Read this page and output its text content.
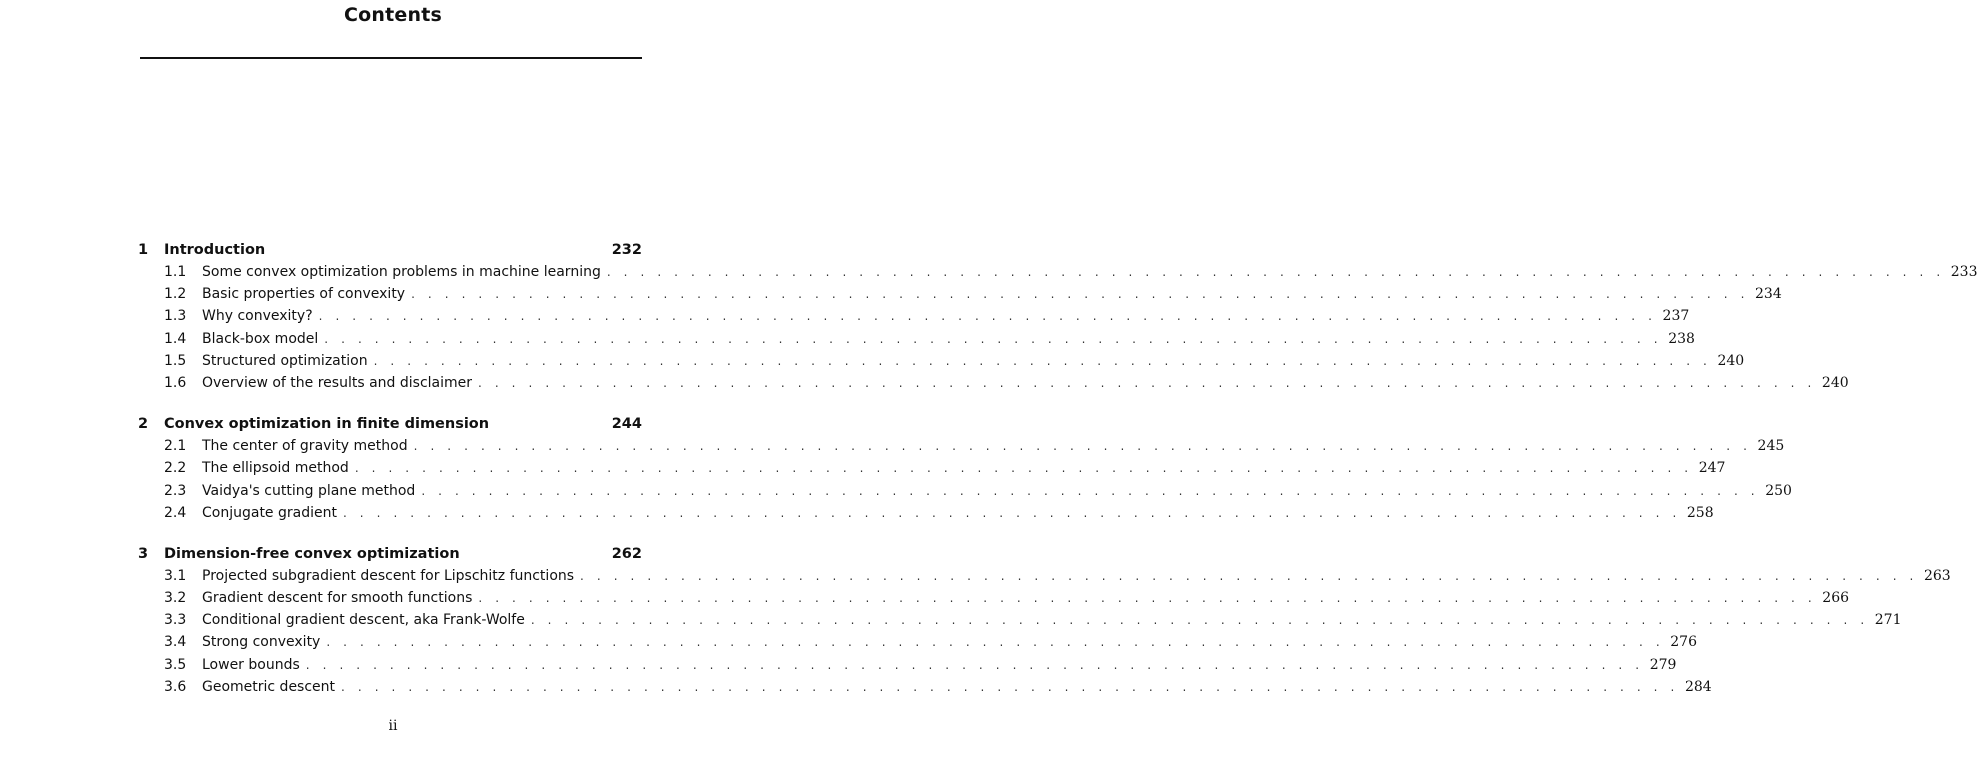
Contents
1	Introduction	232
1.1	Some convex optimization problems in machine learning . . . . . . . . . . . . . . . . . . . . . . . . . . . . . . . . . . . . . . . . . . . . . . . . . . . . . . . . . . . . . . . . . . . . . . . . . . . . . . . . 233
1.2	Basic properties of convexity . . . . . . . . . . . . . . . . . . . . . . . . . . . . . . . . . . . . . . . . . . . . . . . . . . . . . . . . . . . . . . . . . . . . . . . . . . . . . . . . 234
1.3	Why convexity? . . . . . . . . . . . . . . . . . . . . . . . . . . . . . . . . . . . . . . . . . . . . . . . . . . . . . . . . . . . . . . . . . . . . . . . . . . . . . . . . 237
1.4	Black-box model . . . . . . . . . . . . . . . . . . . . . . . . . . . . . . . . . . . . . . . . . . . . . . . . . . . . . . . . . . . . . . . . . . . . . . . . . . . . . . . . 238
1.5	Structured optimization . . . . . . . . . . . . . . . . . . . . . . . . . . . . . . . . . . . . . . . . . . . . . . . . . . . . . . . . . . . . . . . . . . . . . . . . . . . . . . . . 240
1.6	Overview of the results and disclaimer . . . . . . . . . . . . . . . . . . . . . . . . . . . . . . . . . . . . . . . . . . . . . . . . . . . . . . . . . . . . . . . . . . . . . . . . . . . . . . . . 240
2	Convex optimization in finite dimension	244
2.1	The center of gravity method . . . . . . . . . . . . . . . . . . . . . . . . . . . . . . . . . . . . . . . . . . . . . . . . . . . . . . . . . . . . . . . . . . . . . . . . . . . . . . . . 245
2.2	The ellipsoid method . . . . . . . . . . . . . . . . . . . . . . . . . . . . . . . . . . . . . . . . . . . . . . . . . . . . . . . . . . . . . . . . . . . . . . . . . . . . . . . . 247
2.3	Vaidya's cutting plane method . . . . . . . . . . . . . . . . . . . . . . . . . . . . . . . . . . . . . . . . . . . . . . . . . . . . . . . . . . . . . . . . . . . . . . . . . . . . . . . . 250
2.4	Conjugate gradient . . . . . . . . . . . . . . . . . . . . . . . . . . . . . . . . . . . . . . . . . . . . . . . . . . . . . . . . . . . . . . . . . . . . . . . . . . . . . . . . 258
3	Dimension-free convex optimization	262
3.1	Projected subgradient descent for Lipschitz functions . . . . . . . . . . . . . . . . . . . . . . . . . . . . . . . . . . . . . . . . . . . . . . . . . . . . . . . . . . . . . . . . . . . . . . . . . . . . . . . . 263
3.2	Gradient descent for smooth functions . . . . . . . . . . . . . . . . . . . . . . . . . . . . . . . . . . . . . . . . . . . . . . . . . . . . . . . . . . . . . . . . . . . . . . . . . . . . . . . . 266
3.3	Conditional gradient descent, aka Frank-Wolfe . . . . . . . . . . . . . . . . . . . . . . . . . . . . . . . . . . . . . . . . . . . . . . . . . . . . . . . . . . . . . . . . . . . . . . . . . . . . . . . . 271
3.4	Strong convexity . . . . . . . . . . . . . . . . . . . . . . . . . . . . . . . . . . . . . . . . . . . . . . . . . . . . . . . . . . . . . . . . . . . . . . . . . . . . . . . . 276
3.5	Lower bounds . . . . . . . . . . . . . . . . . . . . . . . . . . . . . . . . . . . . . . . . . . . . . . . . . . . . . . . . . . . . . . . . . . . . . . . . . . . . . . . . 279
3.6	Geometric descent . . . . . . . . . . . . . . . . . . . . . . . . . . . . . . . . . . . . . . . . . . . . . . . . . . . . . . . . . . . . . . . . . . . . . . . . . . . . . . . . 284
ii
